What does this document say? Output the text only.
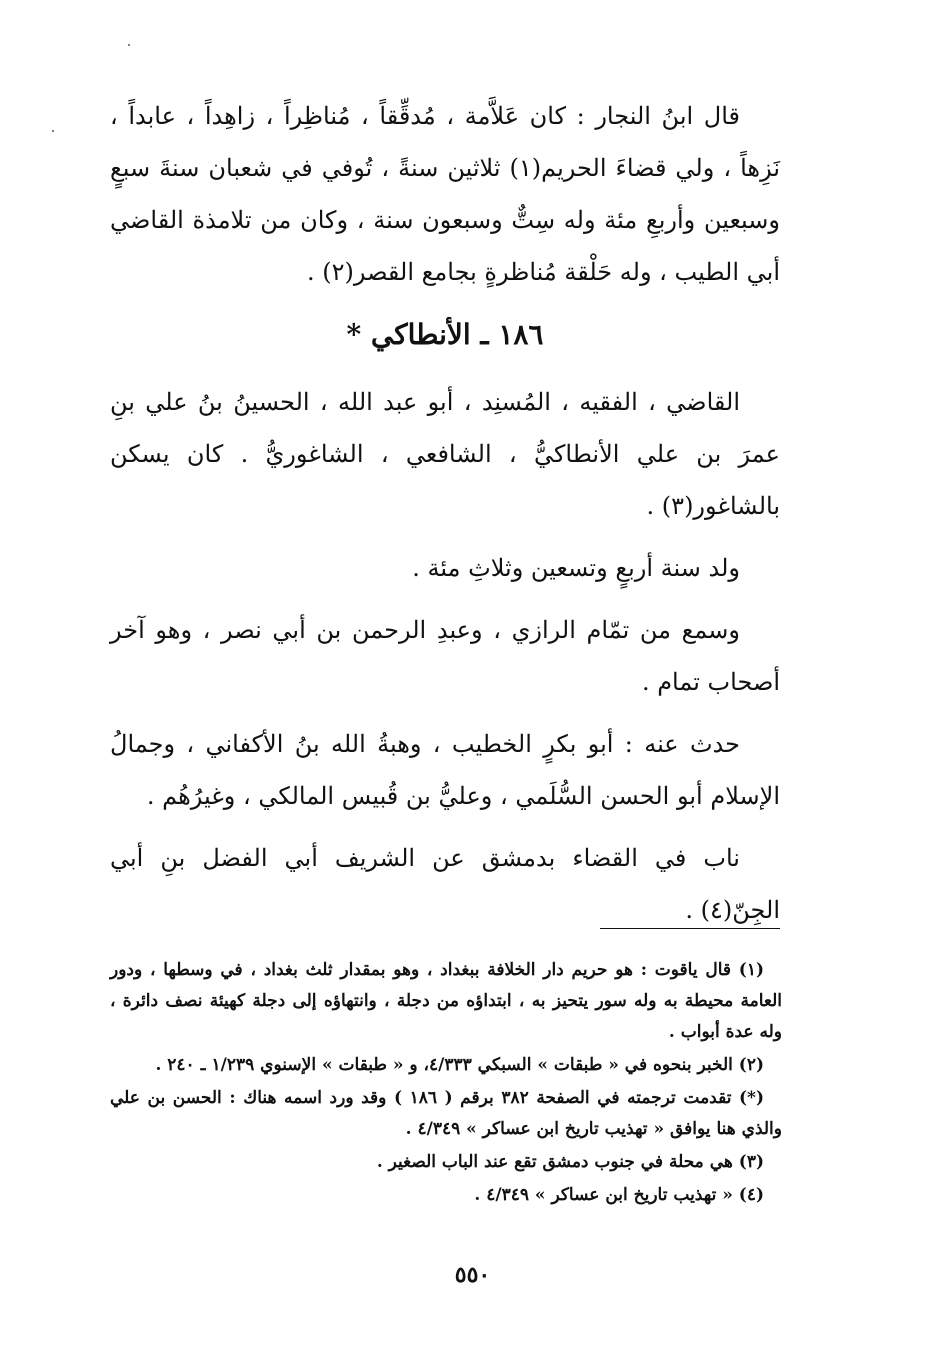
قال ابنُ النجار : كان عَلاَّمة ، مُدقِّقاً ، مُناظِراً ، زاهِداً ، عابداً ، نَزِهاً ، ولي قضاءَ الحريم(١) ثلاثين سنةً ، تُوفي في شعبان سنةَ سبعٍ وسبعين وأربعِ مئة وله سِتٌّ وسبعون سنة ، وكان من تلامذة القاضي أبي الطيب ، وله حَلْقة مُناظرةٍ بجامع القصر(٢) .

١٨٦ ـ الأنطاكي *

القاضي ، الفقيه ، المُسنِد ، أبو عبد الله ، الحسينُ بنُ علي بنِ عمرَ بن علي الأنطاكيُّ ، الشافعي ، الشاغوريُّ . كان يسكن بالشاغور(٣) .

ولد سنة أربعٍ وتسعين وثلاثِ مئة .

وسمع من تمّام الرازي ، وعبدِ الرحمن بن أبي نصر ، وهو آخر أصحاب تمام .

حدث عنه : أبو بكرٍ الخطيب ، وهبةُ الله بنُ الأكفاني ، وجمالُ الإسلام أبو الحسن السُّلَمي ، وعليُّ بن قُبيس المالكي ، وغيرُهُم .

ناب في القضاء بدمشق عن الشريف أبي الفضل بنِ أبي الجِنّ(٤) .

(١) قال ياقوت : هو حريم دار الخلافة ببغداد ، وهو بمقدار ثلث بغداد ، في وسطها ، ودور العامة محيطة به وله سور يتحيز به ، ابتداؤه من دجلة ، وانتهاؤه إلى دجلة كهيئة نصف دائرة ، وله عدة أبواب .

(٢) الخبر بنحوه في « طبقات » السبكي ٤/٣٣٣، و « طبقات » الإسنوي ١/٢٣٩ ـ ٢٤٠ .

(*) تقدمت ترجمته في الصفحة ٣٨٢ برقم ( ١٨٦ ) وقد ورد اسمه هناك : الحسن بن علي والذي هنا يوافق « تهذيب تاريخ ابن عساكر » ٤/٣٤٩ .

(٣) هي محلة في جنوب دمشق تقع عند الباب الصغير .

(٤) « تهذيب تاريخ ابن عساكر » ٤/٣٤٩ .

٥٥٠
